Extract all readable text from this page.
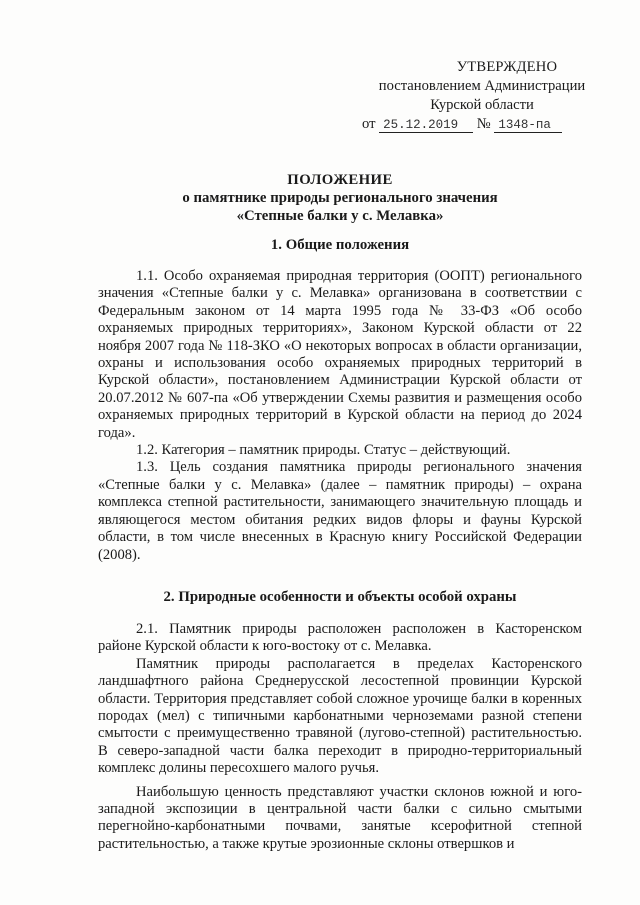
УТВЕРЖДЕНО
постановлением Администрации
Курской области
от 25.12.2019 № 1348-па
ПОЛОЖЕНИЕ
о памятнике природы регионального значения
«Степные балки у с. Мелавка»
1. Общие положения

1.1. Особо охраняемая природная территория (ООПТ) регионального значения «Степные балки у с. Мелавка» организована в соответствии с Федеральным законом от 14 марта 1995 года № 33-ФЗ «Об особо охраняемых природных территориях», Законом Курской области от 22 ноября 2007 года № 118-ЗКО «О некоторых вопросах в области организации, охраны и использования особо охраняемых природных территорий в Курской области», постановлением Администрации Курской области от 20.07.2012 № 607-па «Об утверждении Схемы развития и размещения особо охраняемых природных территорий в Курской области на период до 2024 года».

1.2. Категория – памятник природы. Статус – действующий.

1.3. Цель создания памятника природы регионального значения «Степные балки у с. Мелавка» (далее – памятник природы) – охрана комплекса степной растительности, занимающего значительную площадь и являющегося местом обитания редких видов флоры и фауны Курской области, в том числе внесенных в Красную книгу Российской Федерации (2008).

2. Природные особенности и объекты особой охраны

2.1. Памятник природы расположен расположен в Касторенском районе Курской области к юго-востоку от с. Мелавка.

Памятник природы располагается в пределах Касторенского ландшафтного района Среднерусской лесостепной провинции Курской области. Территория представляет собой сложное урочище балки в коренных породах (мел) с типичными карбонатными черноземами разной степени смытости с преимущественно травяной (лугово-степной) растительностью. В северо-западной части балка переходит в природно-территориальный комплекс долины пересохшего малого ручья.

Наибольшую ценность представляют участки склонов южной и юго-западной экспозиции в центральной части балки с сильно смытыми перегнойно-карбонатными почвами, занятые ксерофитной степной растительностью, а также крутые эрозионные склоны отвершков и
